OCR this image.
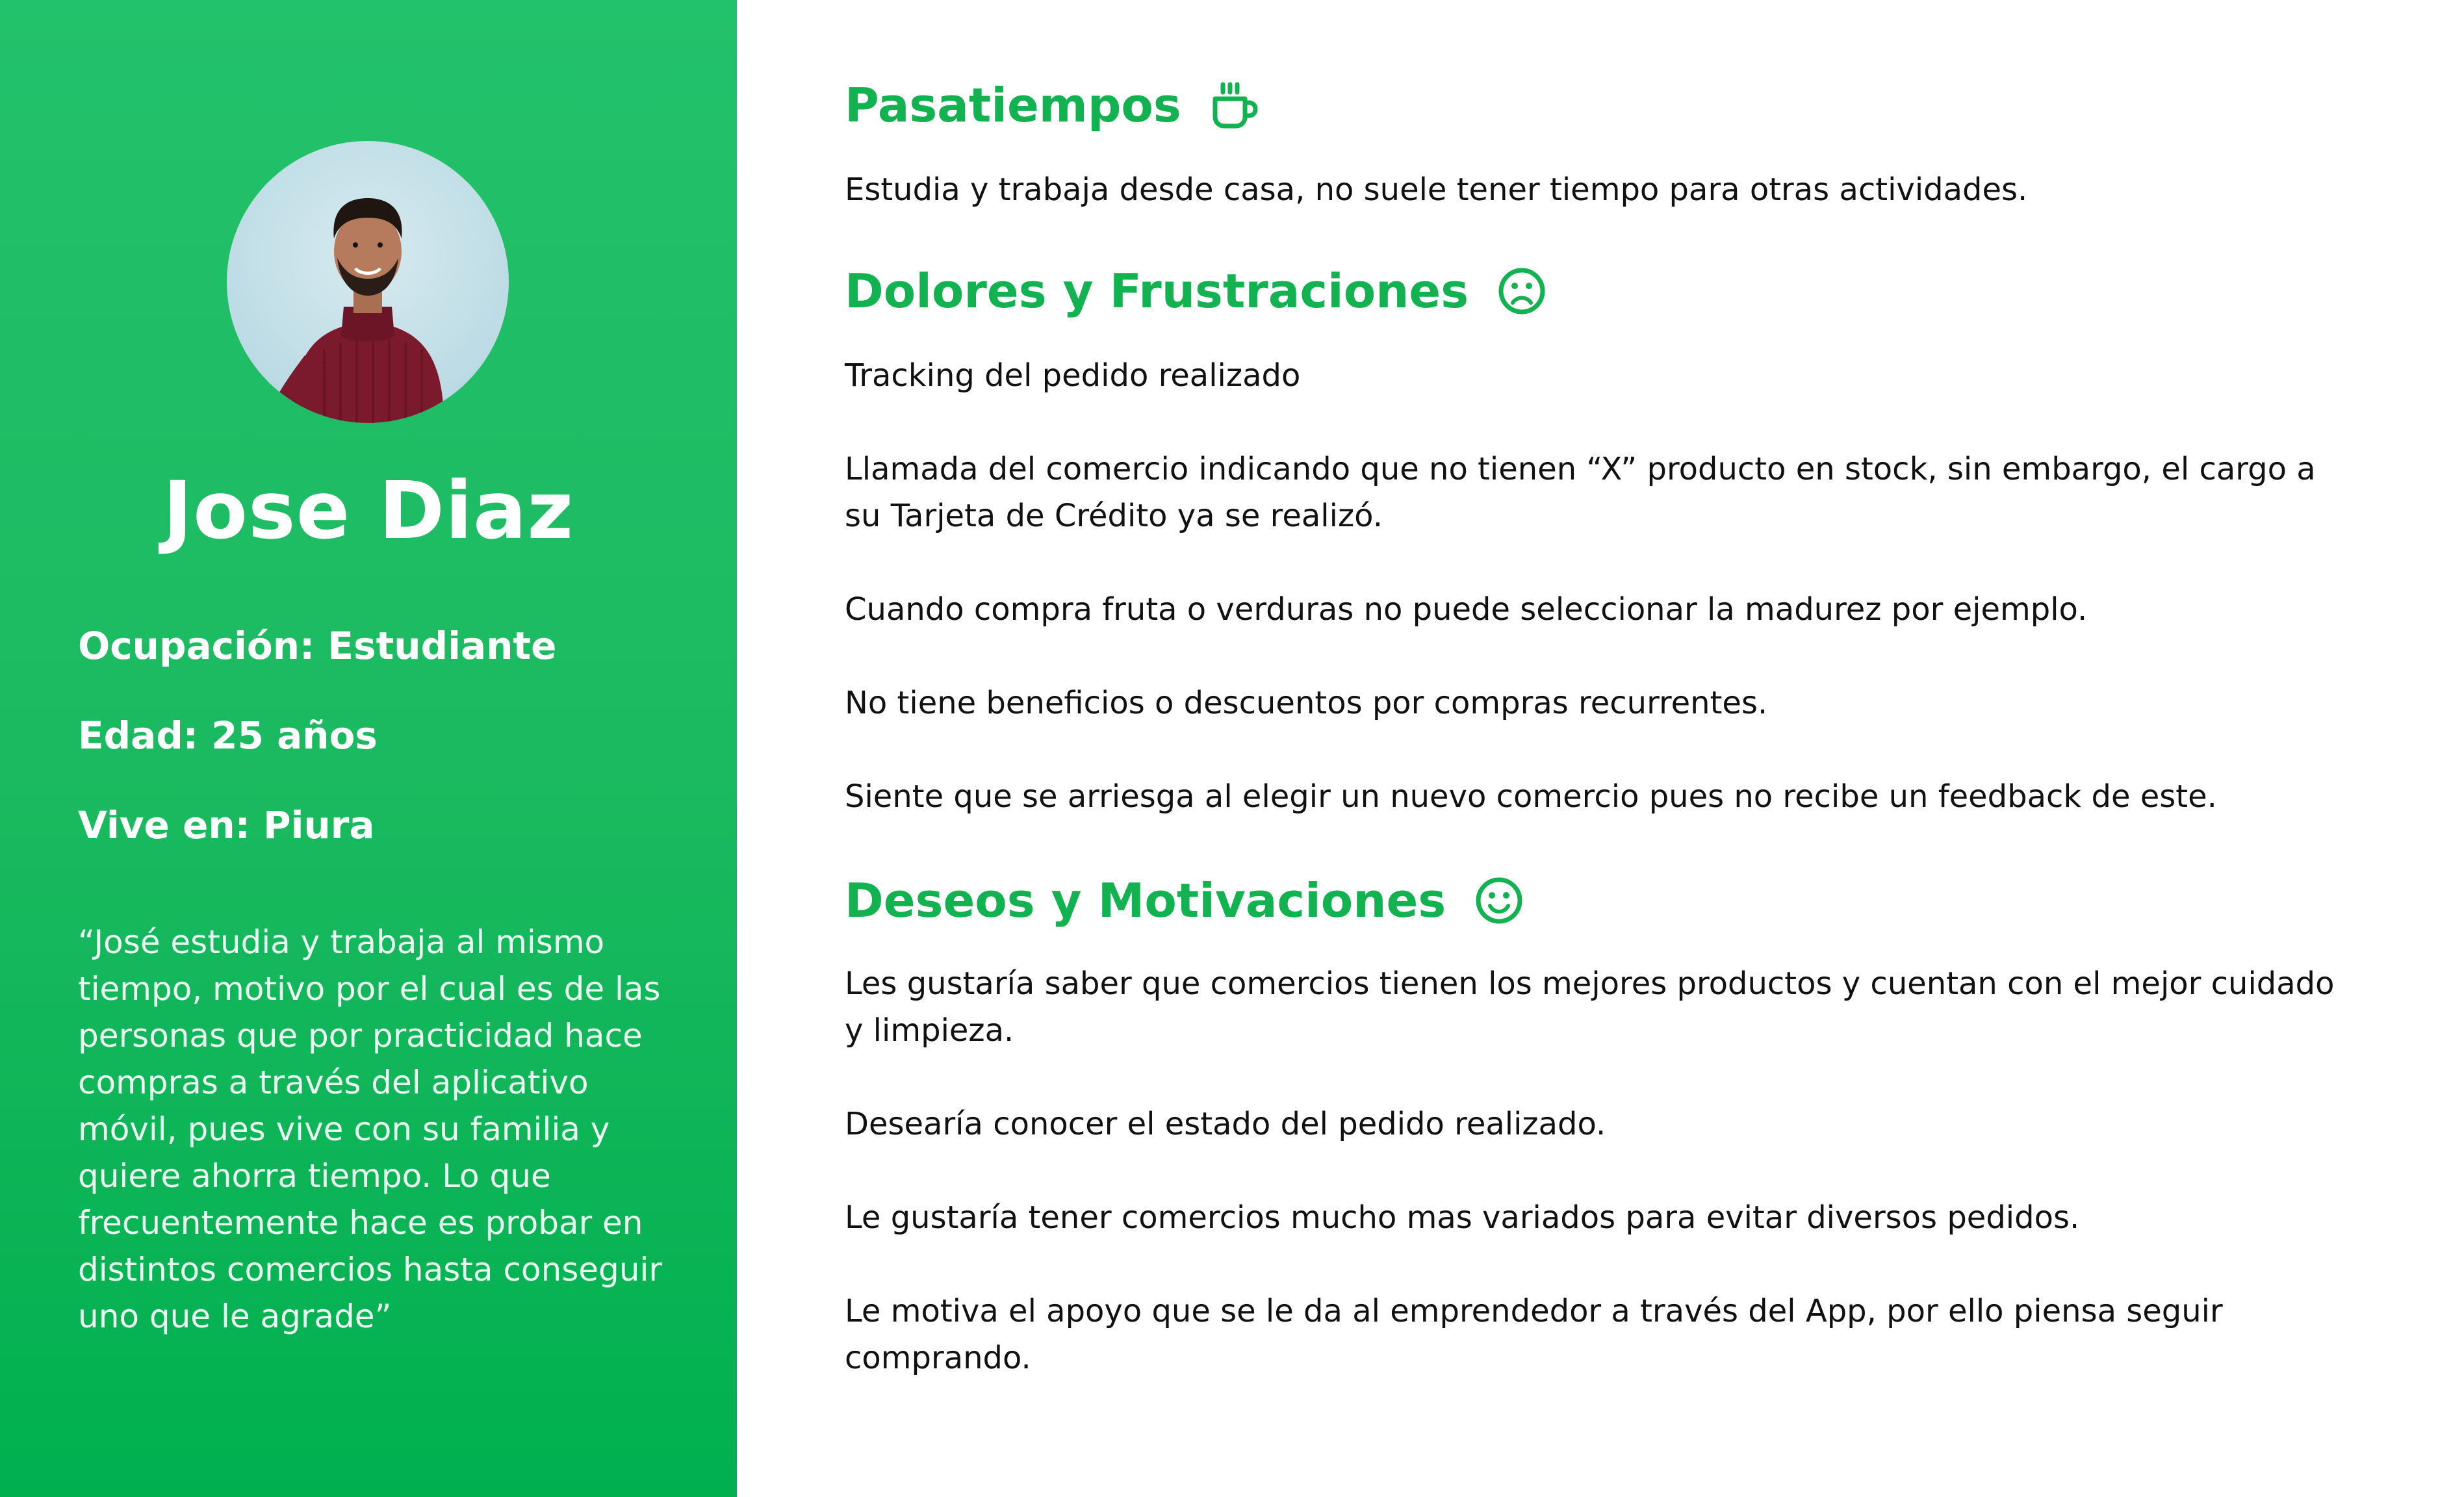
Jose Diaz
Ocupación: Estudiante
Edad: 25 años
Vive en: Piura
“José estudia y trabaja al mismo tiempo, motivo por el cual es de las personas que por practicidad hace compras a través del aplicativo móvil, pues vive con su familia y quiere ahorra tiempo. Lo que frecuentemente hace es probar en distintos comercios hasta conseguir uno que le agrade”
Pasatiempos
Estudia y trabaja desde casa, no suele tener tiempo para otras actividades.
Dolores y Frustraciones
Tracking del pedido realizado
Llamada del comercio indicando que no tienen “X” producto en stock, sin embargo, el cargo a su Tarjeta de Crédito ya se realizó.
Cuando compra fruta o verduras no puede seleccionar la madurez por ejemplo.
No tiene beneficios o descuentos por compras recurrentes.
Siente que se arriesga al elegir un nuevo comercio pues no recibe un feedback de este.
Deseos y Motivaciones
Les gustaría saber que comercios tienen los mejores productos y cuentan con el mejor cuidado y limpieza.
Desearía conocer el estado del pedido realizado.
Le gustaría tener comercios mucho mas variados para evitar diversos pedidos.
Le motiva el apoyo que se le da al emprendedor a través del App, por ello piensa seguir comprando.
